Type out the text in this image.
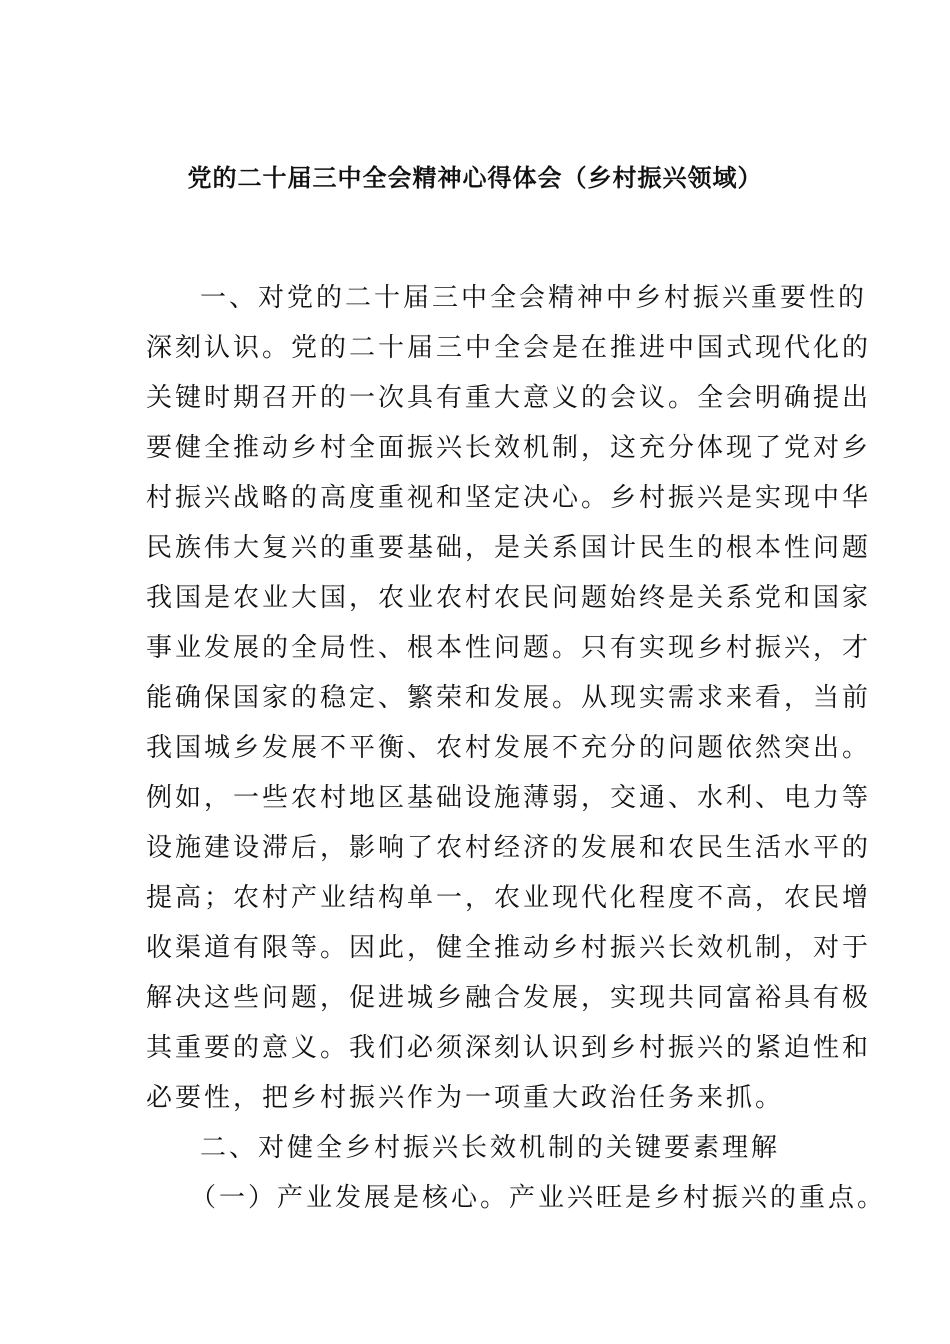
党的二十届三中全会精神心得体会（乡村振兴领域）
一、对党的二十届三中全会精神中乡村振兴重要性的
深刻认识。党的二十届三中全会是在推进中国式现代化的
关键时期召开的一次具有重大意义的会议。全会明确提出
要健全推动乡村全面振兴长效机制，这充分体现了党对乡
村振兴战略的高度重视和坚定决心。乡村振兴是实现中华
民族伟大复兴的重要基础，是关系国计民生的根本性问题
我国是农业大国，农业农村农民问题始终是关系党和国家
事业发展的全局性、根本性问题。只有实现乡村振兴，才
能确保国家的稳定、繁荣和发展。从现实需求来看，当前
我国城乡发展不平衡、农村发展不充分的问题依然突出。
例如，一些农村地区基础设施薄弱，交通、水利、电力等
设施建设滞后，影响了农村经济的发展和农民生活水平的
提高；农村产业结构单一，农业现代化程度不高，农民增
收渠道有限等。因此，健全推动乡村振兴长效机制，对于
解决这些问题，促进城乡融合发展，实现共同富裕具有极
其重要的意义。我们必须深刻认识到乡村振兴的紧迫性和
必要性，把乡村振兴作为一项重大政治任务来抓。
二、对健全乡村振兴长效机制的关键要素理解
（一）产业发展是核心。产业兴旺是乡村振兴的重点。
